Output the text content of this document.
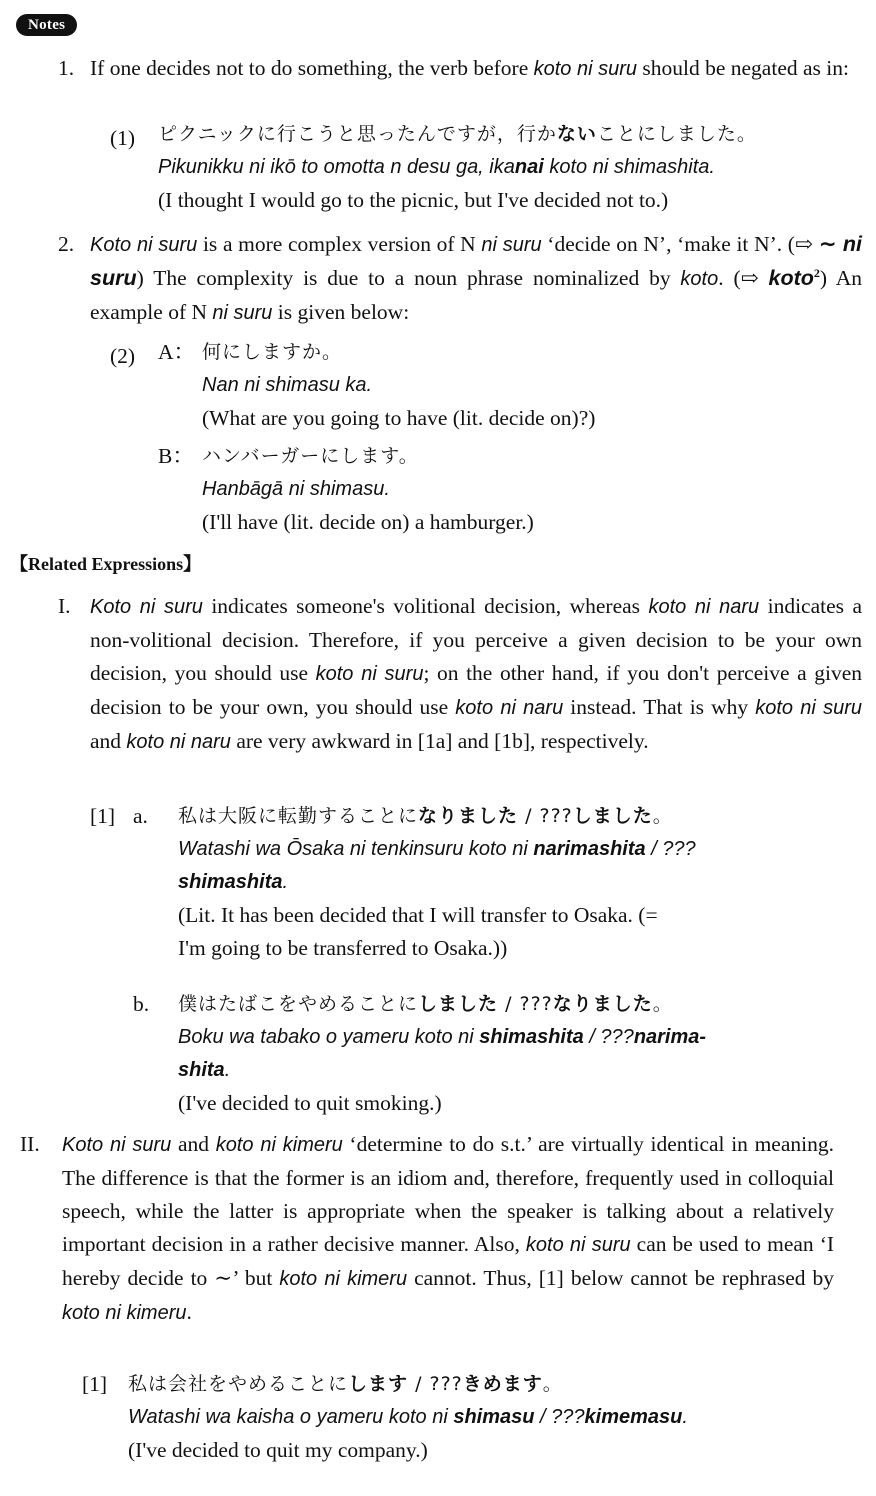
Notes
1. If one decides not to do something, the verb before koto ni suru should be negated as in:
(1) ピクニックに行こうと思ったんですが，行かないことにしました。
Pikunikku ni ikō to omotta n desu ga, ikanai koto ni shimashita.
(I thought I would go to the picnic, but I've decided not to.)
2. Koto ni suru is a more complex version of N ni suru ‘decide on N’, ‘make it N’. (⇨ ∼ ni suru) The complexity is due to a noun phrase nominalized by koto. (⇨ koto$^2$) An example of N ni suru is given below:
(2) A： 何にしますか。
Nan ni shimasu ka.
(What are you going to have (lit. decide on)?)
B： ハンバーガーにします。
Hanbāgā ni shimasu.
(I'll have (lit. decide on) a hamburger.)
【Related Expressions】
I. Koto ni suru indicates someone's volitional decision, whereas koto ni naru indicates a non-volitional decision. Therefore, if you perceive a given decision to be your own decision, you should use koto ni suru; on the other hand, if you don't perceive a given decision to be your own, you should use koto ni naru instead. That is why koto ni suru and koto ni naru are very awkward in [1a] and [1b], respectively.
[1] a. 私は大阪に転勤することになりました / ???しました。
Watashi wa Ōsaka ni tenkinsuru koto ni narimashita / ???
shimashita.
(Lit. It has been decided that I will transfer to Osaka. (=
I'm going to be transferred to Osaka.))
b. 僕はたばこをやめることにしました / ???なりました。
Boku wa tabako o yameru koto ni shimashita / ???narima-
shita.
(I've decided to quit smoking.)
II. Koto ni suru and koto ni kimeru ‘determine to do s.t.’ are virtually identical in meaning. The difference is that the former is an idiom and, therefore, frequently used in colloquial speech, while the latter is appropriate when the speaker is talking about a relatively important decision in a rather decisive manner. Also, koto ni suru can be used to mean ‘I hereby decide to ∼’ but koto ni kimeru cannot. Thus, [1] below cannot be rephrased by koto ni kimeru.
[1] 私は会社をやめることにします / ???きめます。
Watashi wa kaisha o yameru koto ni shimasu / ???kimemasu.
(I've decided to quit my company.)
